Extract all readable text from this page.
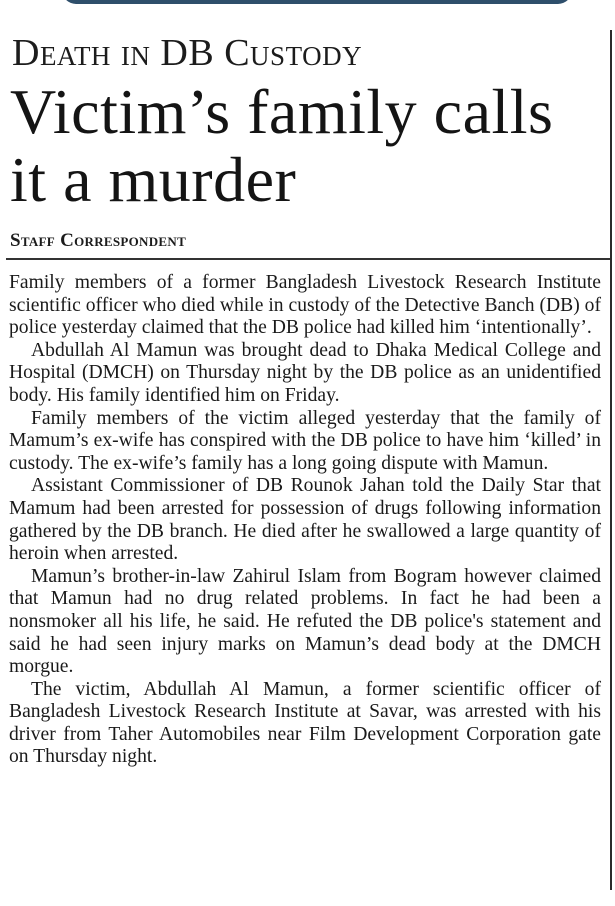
Death in DB Custody
Victim’s family calls it a murder
Staff Correspondent

Family members of a former Bangladesh Livestock Research Institute scientific officer who died while in custody of the Detective Banch (DB) of police yesterday claimed that the DB police had killed him ‘intentionally’.

Abdullah Al Mamun was brought dead to Dhaka Medical College and Hospital (DMCH) on Thursday night by the DB police as an unidentified body. His family identified him on Friday.

Family members of the victim alleged yesterday that the family of Mamum’s ex-wife has conspired with the DB police to have him ‘killed’ in custody. The ex-wife’s family has a long going dispute with Mamun.

Assistant Commissioner of DB Rounok Jahan told the Daily Star that Mamum had been arrested for possession of drugs following information gathered by the DB branch. He died after he swallowed a large quantity of heroin when arrested.

Mamun’s brother-in-law Zahirul Islam from Bogram however claimed that Mamun had no drug related problems. In fact he had been a nonsmoker all his life, he said. He refuted the DB police's statement and said he had seen injury marks on Mamun’s dead body at the DMCH morgue.

The victim, Abdullah Al Mamun, a former scientific officer of Bangladesh Livestock Research Institute at Savar, was arrested with his driver from Taher Automobiles near Film Development Corporation gate on Thursday night.
